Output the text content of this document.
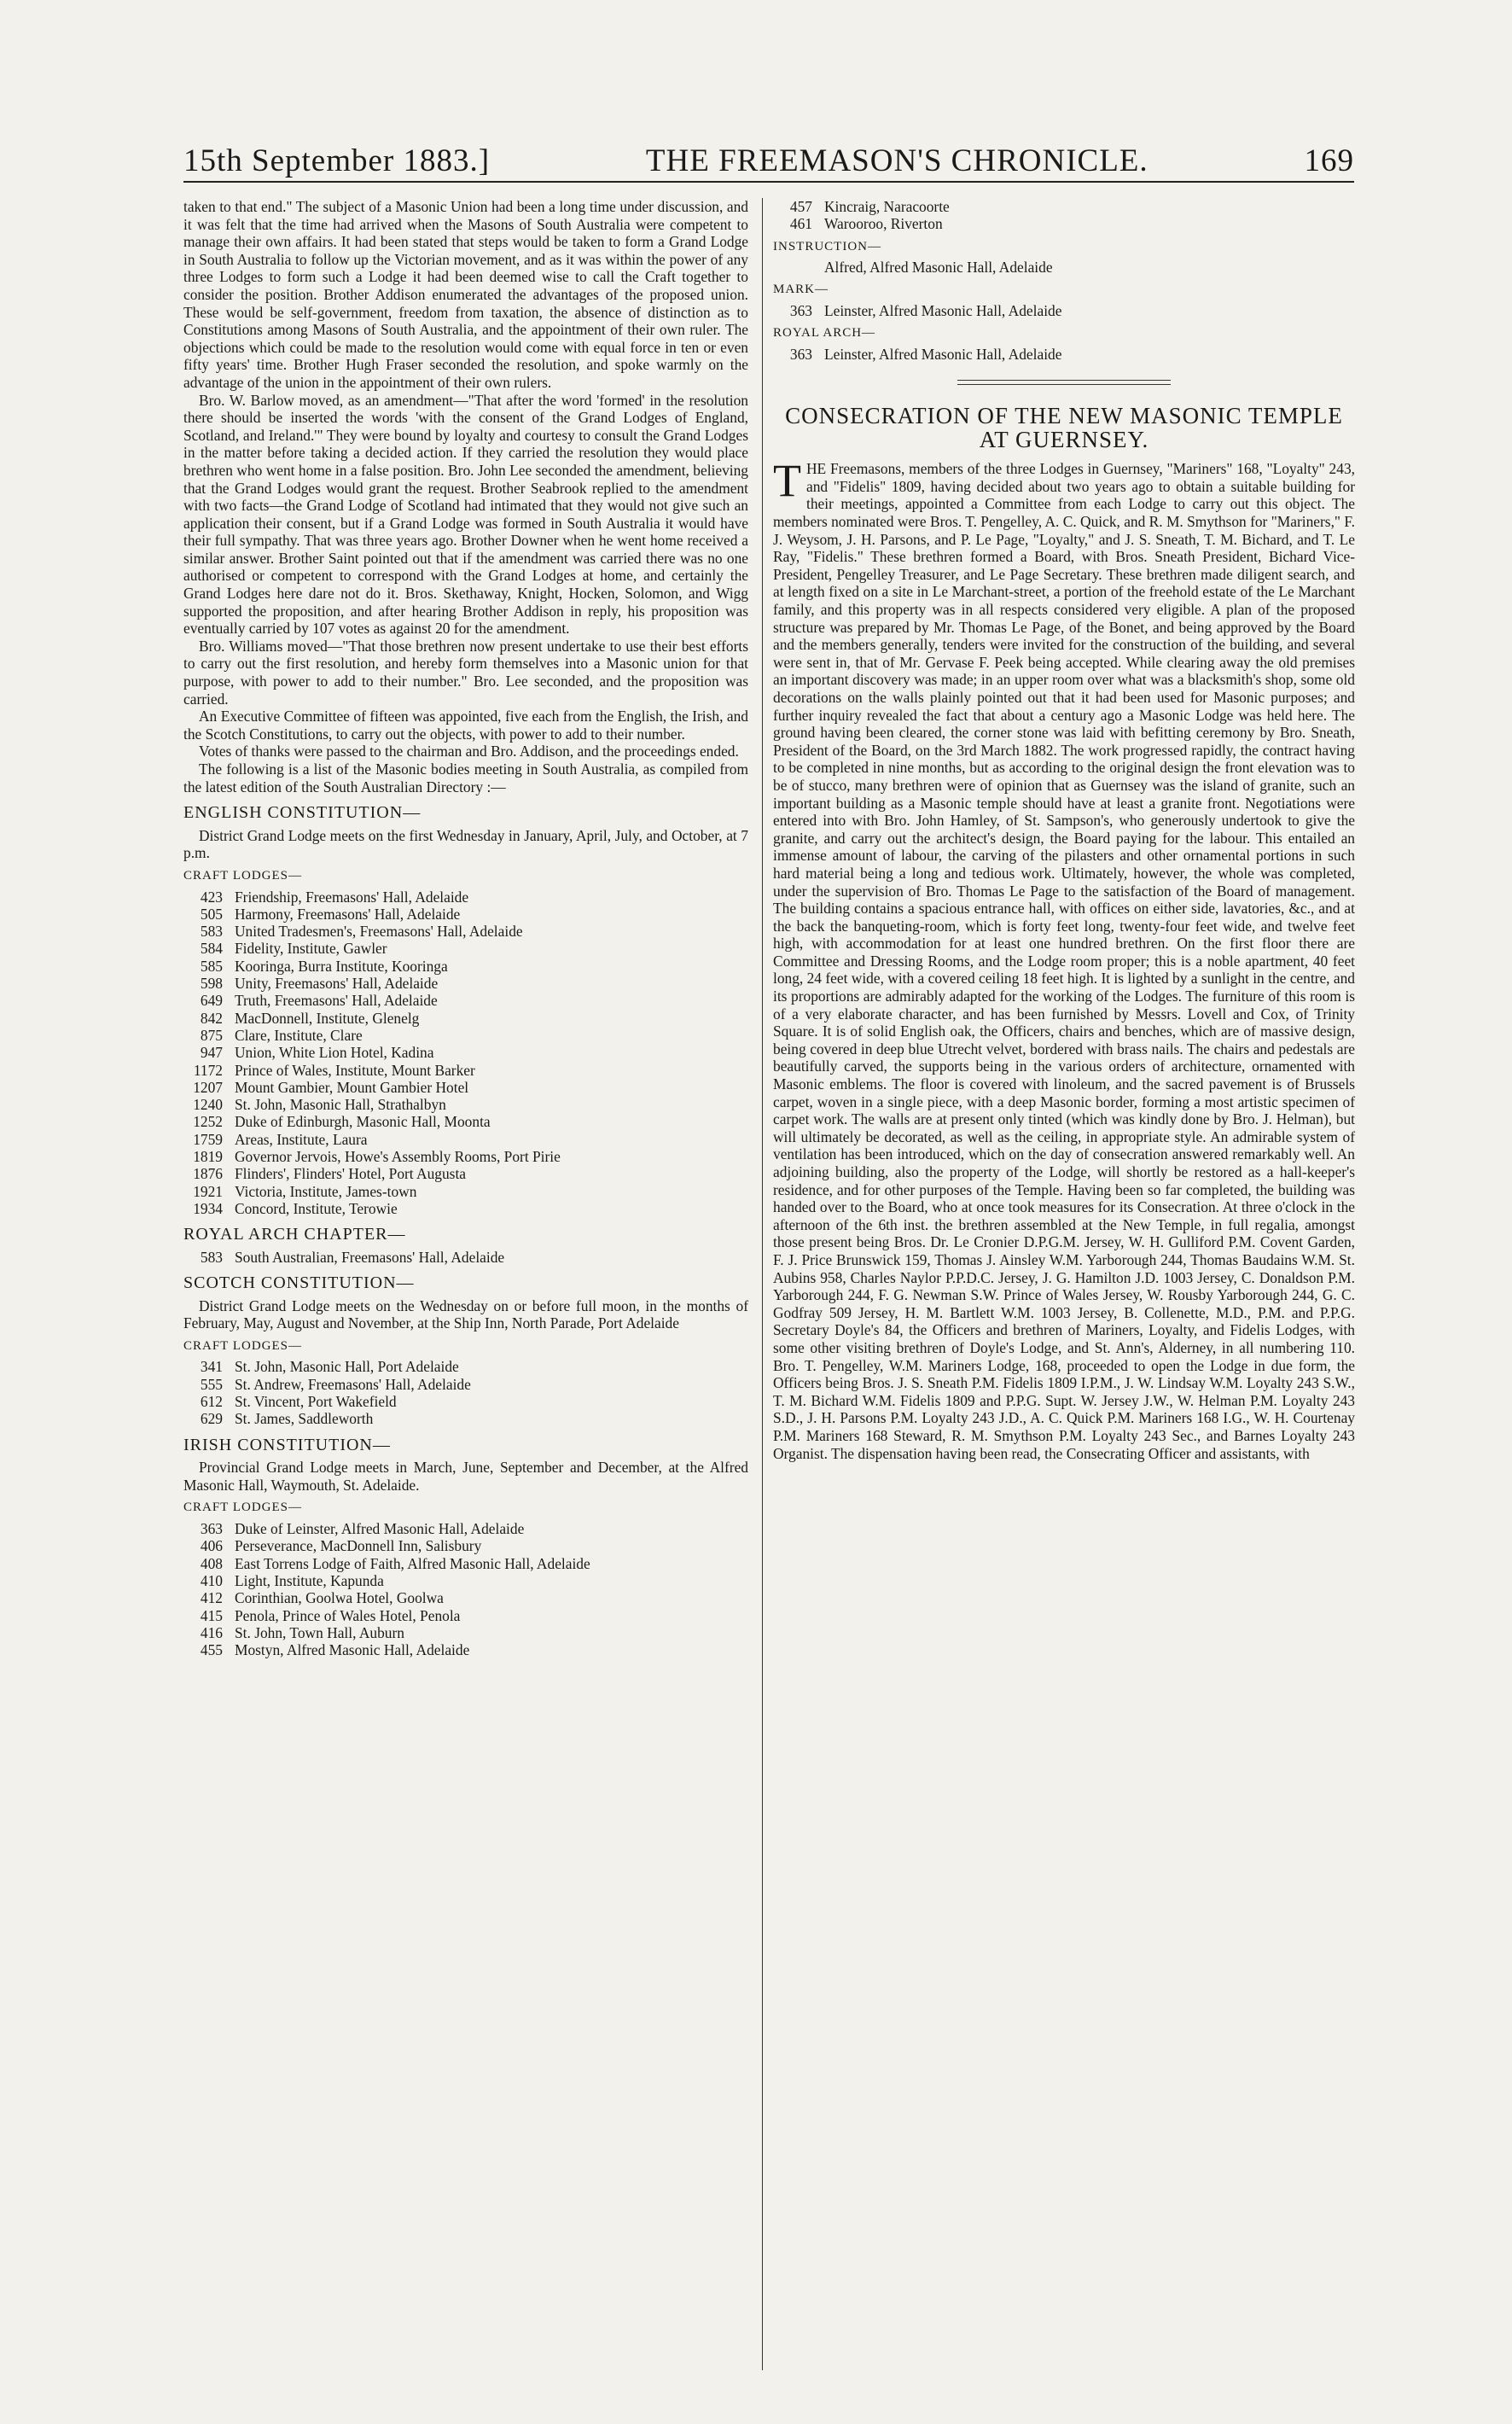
15th September 1883.]	THE FREEMASON'S CHRONICLE.	169

taken to that end." The subject of a Masonic Union had been a long time under discussion, and it was felt that the time had arrived when the Masons of South Australia were competent to manage their own affairs. It had been stated that steps would be taken to form a Grand Lodge in South Australia to follow up the Victorian movement, and as it was within the power of any three Lodges to form such a Lodge it had been deemed wise to call the Craft together to consider the position. Brother Addison enumerated the advantages of the proposed union. These would be self-government, freedom from taxation, the absence of distinction as to Constitutions among Masons of South Australia, and the appointment of their own ruler. The objections which could be made to the resolution would come with equal force in ten or even fifty years' time. Brother Hugh Fraser seconded the resolution, and spoke warmly on the advantage of the union in the appointment of their own rulers.

Bro. W. Barlow moved, as an amendment—"That after the word 'formed' in the resolution there should be inserted the words 'with the consent of the Grand Lodges of England, Scotland, and Ireland.'" They were bound by loyalty and courtesy to consult the Grand Lodges in the matter before taking a decided action. If they carried the resolution they would place brethren who went home in a false position. Bro. John Lee seconded the amendment, believing that the Grand Lodges would grant the request. Brother Seabrook replied to the amendment with two facts—the Grand Lodge of Scotland had intimated that they would not give such an application their consent, but if a Grand Lodge was formed in South Australia it would have their full sympathy. That was three years ago. Brother Downer when he went home received a similar answer. Brother Saint pointed out that if the amendment was carried there was no one authorised or competent to correspond with the Grand Lodges at home, and certainly the Grand Lodges here dare not do it. Bros. Skethaway, Knight, Hocken, Solomon, and Wigg supported the proposition, and after hearing Brother Addison in reply, his proposition was eventually carried by 107 votes as against 20 for the amendment.

Bro. Williams moved—"That those brethren now present undertake to use their best efforts to carry out the first resolution, and hereby form themselves into a Masonic union for that purpose, with power to add to their number." Bro. Lee seconded, and the proposition was carried.

An Executive Committee of fifteen was appointed, five each from the English, the Irish, and the Scotch Constitutions, to carry out the objects, with power to add to their number.

Votes of thanks were passed to the chairman and Bro. Addison, and the proceedings ended.

The following is a list of the Masonic bodies meeting in South Australia, as compiled from the latest edition of the South Australian Directory :—

ENGLISH CONSTITUTION—

District Grand Lodge meets on the first Wednesday in January, April, July, and October, at 7 p.m.

CRAFT LODGES—
423 Friendship, Freemasons' Hall, Adelaide
505 Harmony, Freemasons' Hall, Adelaide
583 United Tradesmen's, Freemasons' Hall, Adelaide
584 Fidelity, Institute, Gawler
585 Kooringa, Burra Institute, Kooringa
598 Unity, Freemasons' Hall, Adelaide
649 Truth, Freemasons' Hall, Adelaide
842 MacDonnell, Institute, Glenelg
875 Clare, Institute, Clare
947 Union, White Lion Hotel, Kadina
1172 Prince of Wales, Institute, Mount Barker
1207 Mount Gambier, Mount Gambier Hotel
1240 St. John, Masonic Hall, Strathalbyn
1252 Duke of Edinburgh, Masonic Hall, Moonta
1759 Areas, Institute, Laura
1819 Governor Jervois, Howe's Assembly Rooms, Port Pirie
1876 Flinders', Flinders' Hotel, Port Augusta
1921 Victoria, Institute, James-town
1934 Concord, Institute, Terowie
ROYAL ARCH CHAPTER—
583 South Australian, Freemasons' Hall, Adelaide
SCOTCH CONSTITUTION—

District Grand Lodge meets on the Wednesday on or before full moon, in the months of February, May, August and November, at the Ship Inn, North Parade, Port Adelaide

CRAFT LODGES—
341 St. John, Masonic Hall, Port Adelaide
555 St. Andrew, Freemasons' Hall, Adelaide
612 St. Vincent, Port Wakefield
629 St. James, Saddleworth
IRISH CONSTITUTION—

Provincial Grand Lodge meets in March, June, September and December, at the Alfred Masonic Hall, Waymouth, St. Adelaide.

CRAFT LODGES—
363 Duke of Leinster, Alfred Masonic Hall, Adelaide
406 Perseverance, MacDonnell Inn, Salisbury
408 East Torrens Lodge of Faith, Alfred Masonic Hall, Adelaide
410 Light, Institute, Kapunda
412 Corinthian, Goolwa Hotel, Goolwa
415 Penola, Prince of Wales Hotel, Penola
416 St. John, Town Hall, Auburn
455 Mostyn, Alfred Masonic Hall, Adelaide
457 Kincraig, Naracoorte
461 Warooroo, Riverton
INSTRUCTION—
Alfred, Alfred Masonic Hall, Adelaide
MARK—
363 Leinster, Alfred Masonic Hall, Adelaide
ROYAL ARCH—
363 Leinster, Alfred Masonic Hall, Adelaide
CONSECRATION OF THE NEW MASONIC TEMPLE AT GUERNSEY.

THE Freemasons, members of the three Lodges in Guernsey, "Mariners" 168, "Loyalty" 243, and "Fidelis" 1809, having decided about two years ago to obtain a suitable building for their meetings, appointed a Committee from each Lodge to carry out this object. The members nominated were Bros. T. Pengelley, A. C. Quick, and R. M. Smythson for "Mariners," F. J. Weysom, J. H. Parsons, and P. Le Page, "Loyalty," and J. S. Sneath, T. M. Bichard, and T. Le Ray, "Fidelis." These brethren formed a Board, with Bros. Sneath President, Bichard Vice-President, Pengelley Treasurer, and Le Page Secretary. These brethren made diligent search, and at length fixed on a site in Le Marchant-street, a portion of the freehold estate of the Le Marchant family, and this property was in all respects considered very eligible. A plan of the proposed structure was prepared by Mr. Thomas Le Page, of the Bonet, and being approved by the Board and the members generally, tenders were invited for the construction of the building, and several were sent in, that of Mr. Gervase F. Peek being accepted. While clearing away the old premises an important discovery was made; in an upper room over what was a blacksmith's shop, some old decorations on the walls plainly pointed out that it had been used for Masonic purposes; and further inquiry revealed the fact that about a century ago a Masonic Lodge was held here. The ground having been cleared, the corner stone was laid with befitting ceremony by Bro. Sneath, President of the Board, on the 3rd March 1882. The work progressed rapidly, the contract having to be completed in nine months, but as according to the original design the front elevation was to be of stucco, many brethren were of opinion that as Guernsey was the island of granite, such an important building as a Masonic temple should have at least a granite front. Negotiations were entered into with Bro. John Hamley, of St. Sampson's, who generously undertook to give the granite, and carry out the architect's design, the Board paying for the labour. This entailed an immense amount of labour, the carving of the pilasters and other ornamental portions in such hard material being a long and tedious work. Ultimately, however, the whole was completed, under the supervision of Bro. Thomas Le Page to the satisfaction of the Board of management. The building contains a spacious entrance hall, with offices on either side, lavatories, &c., and at the back the banqueting-room, which is forty feet long, twenty-four feet wide, and twelve feet high, with accommodation for at least one hundred brethren. On the first floor there are Committee and Dressing Rooms, and the Lodge room proper; this is a noble apartment, 40 feet long, 24 feet wide, with a covered ceiling 18 feet high. It is lighted by a sunlight in the centre, and its proportions are admirably adapted for the working of the Lodges. The furniture of this room is of a very elaborate character, and has been furnished by Messrs. Lovell and Cox, of Trinity Square. It is of solid English oak, the Officers, chairs and benches, which are of massive design, being covered in deep blue Utrecht velvet, bordered with brass nails. The chairs and pedestals are beautifully carved, the supports being in the various orders of architecture, ornamented with Masonic emblems. The floor is covered with linoleum, and the sacred pavement is of Brussels carpet, woven in a single piece, with a deep Masonic border, forming a most artistic specimen of carpet work. The walls are at present only tinted (which was kindly done by Bro. J. Helman), but will ultimately be decorated, as well as the ceiling, in appropriate style. An admirable system of ventilation has been introduced, which on the day of consecration answered remarkably well. An adjoining building, also the property of the Lodge, will shortly be restored as a hall-keeper's residence, and for other purposes of the Temple. Having been so far completed, the building was handed over to the Board, who at once took measures for its Consecration. At three o'clock in the afternoon of the 6th inst. the brethren assembled at the New Temple, in full regalia, amongst those present being Bros. Dr. Le Cronier D.P.G.M. Jersey, W. H. Gulliford P.M. Covent Garden, F. J. Price Brunswick 159, Thomas J. Ainsley W.M. Yarborough 244, Thomas Baudains W.M. St. Aubins 958, Charles Naylor P.P.D.C. Jersey, J. G. Hamilton J.D. 1003 Jersey, C. Donaldson P.M. Yarborough 244, F. G. Newman S.W. Prince of Wales Jersey, W. Rousby Yarborough 244, G. C. Godfray 509 Jersey, H. M. Bartlett W.M. 1003 Jersey, B. Collenette, M.D., P.M. and P.P.G. Secretary Doyle's 84, the Officers and brethren of Mariners, Loyalty, and Fidelis Lodges, with some other visiting brethren of Doyle's Lodge, and St. Ann's, Alderney, in all numbering 110. Bro. T. Pengelley, W.M. Mariners Lodge, 168, proceeded to open the Lodge in due form, the Officers being Bros. J. S. Sneath P.M. Fidelis 1809 I.P.M., J. W. Lindsay W.M. Loyalty 243 S.W., T. M. Bichard W.M. Fidelis 1809 and P.P.G. Supt. W. Jersey J.W., W. Helman P.M. Loyalty 243 S.D., J. H. Parsons P.M. Loyalty 243 J.D., A. C. Quick P.M. Mariners 168 I.G., W. H. Courtenay P.M. Mariners 168 Steward, R. M. Smythson P.M. Loyalty 243 Sec., and Barnes Loyalty 243 Organist. The dispensation having been read, the Consecrating Officer and assistants, with
